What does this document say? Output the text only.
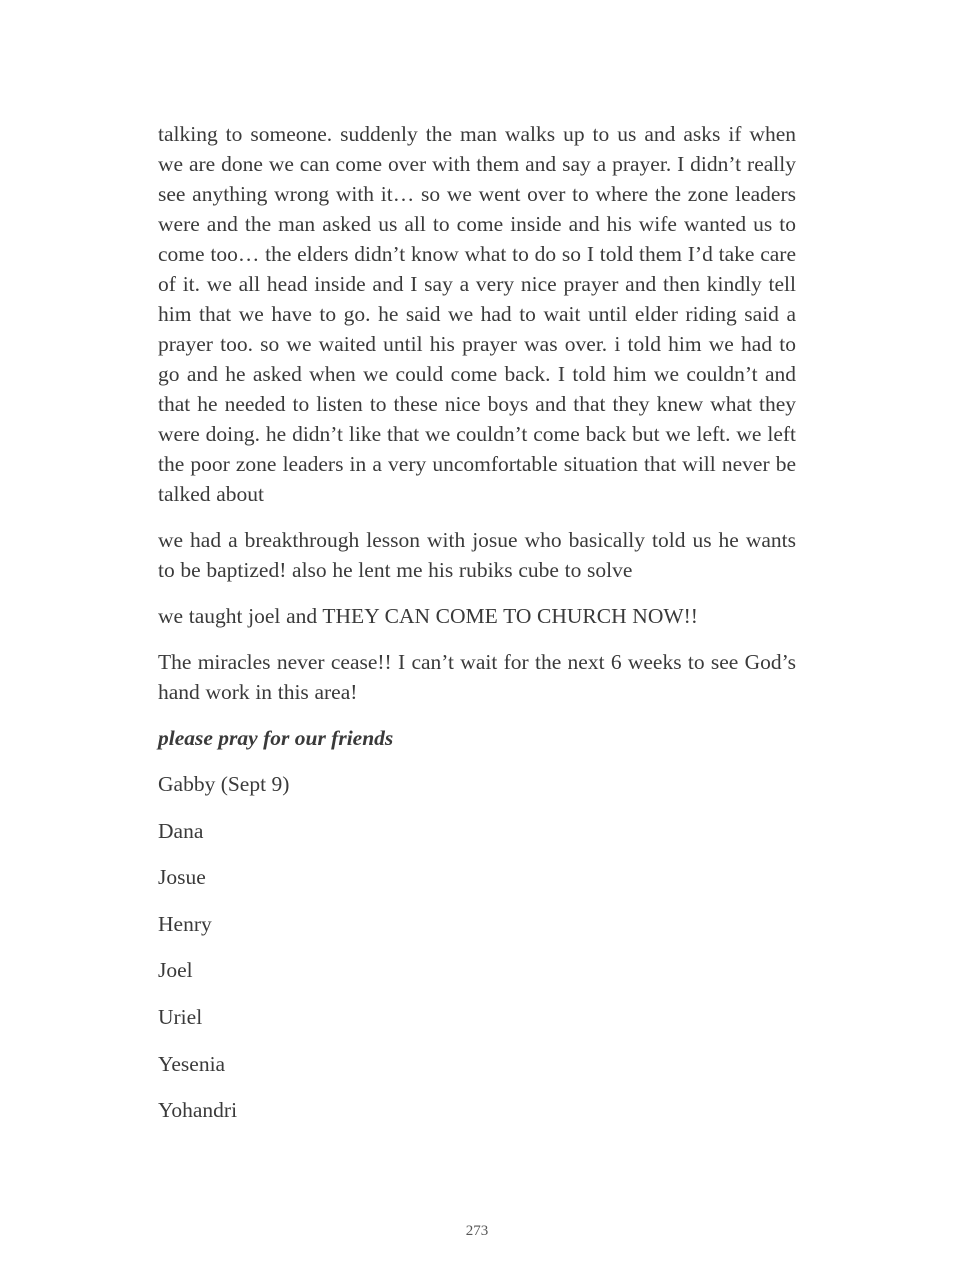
talking to someone. suddenly the man walks up to us and asks if when we are done we can come over with them and say a prayer. I didn’t really see anything wrong with it… so we went over to where the zone leaders were and the man asked us all to come inside and his wife wanted us to come too… the elders didn’t know what to do so I told them I’d take care of it. we all head inside and I say a very nice prayer and then kindly tell him that we have to go. he said we had to wait until elder riding said a prayer too. so we waited until his prayer was over. i told him we had to go and he asked when we could come back. I told him we couldn’t and that he needed to listen to these nice boys and that they knew what they were doing. he didn’t like that we couldn’t come back but we left. we left the poor zone leaders in a very uncomfortable situation that will never be talked about

we had a breakthrough lesson with josue who basically told us he wants to be baptized! also he lent me his rubiks cube to solve

we taught joel and THEY CAN COME TO CHURCH NOW!!

The miracles never cease!! I can’t wait for the next 6 weeks to see God’s hand work in this area!

please pray for our friends

Gabby (Sept 9)
Dana
Josue
Henry
Joel
Uriel
Yesenia
Yohandri
273
